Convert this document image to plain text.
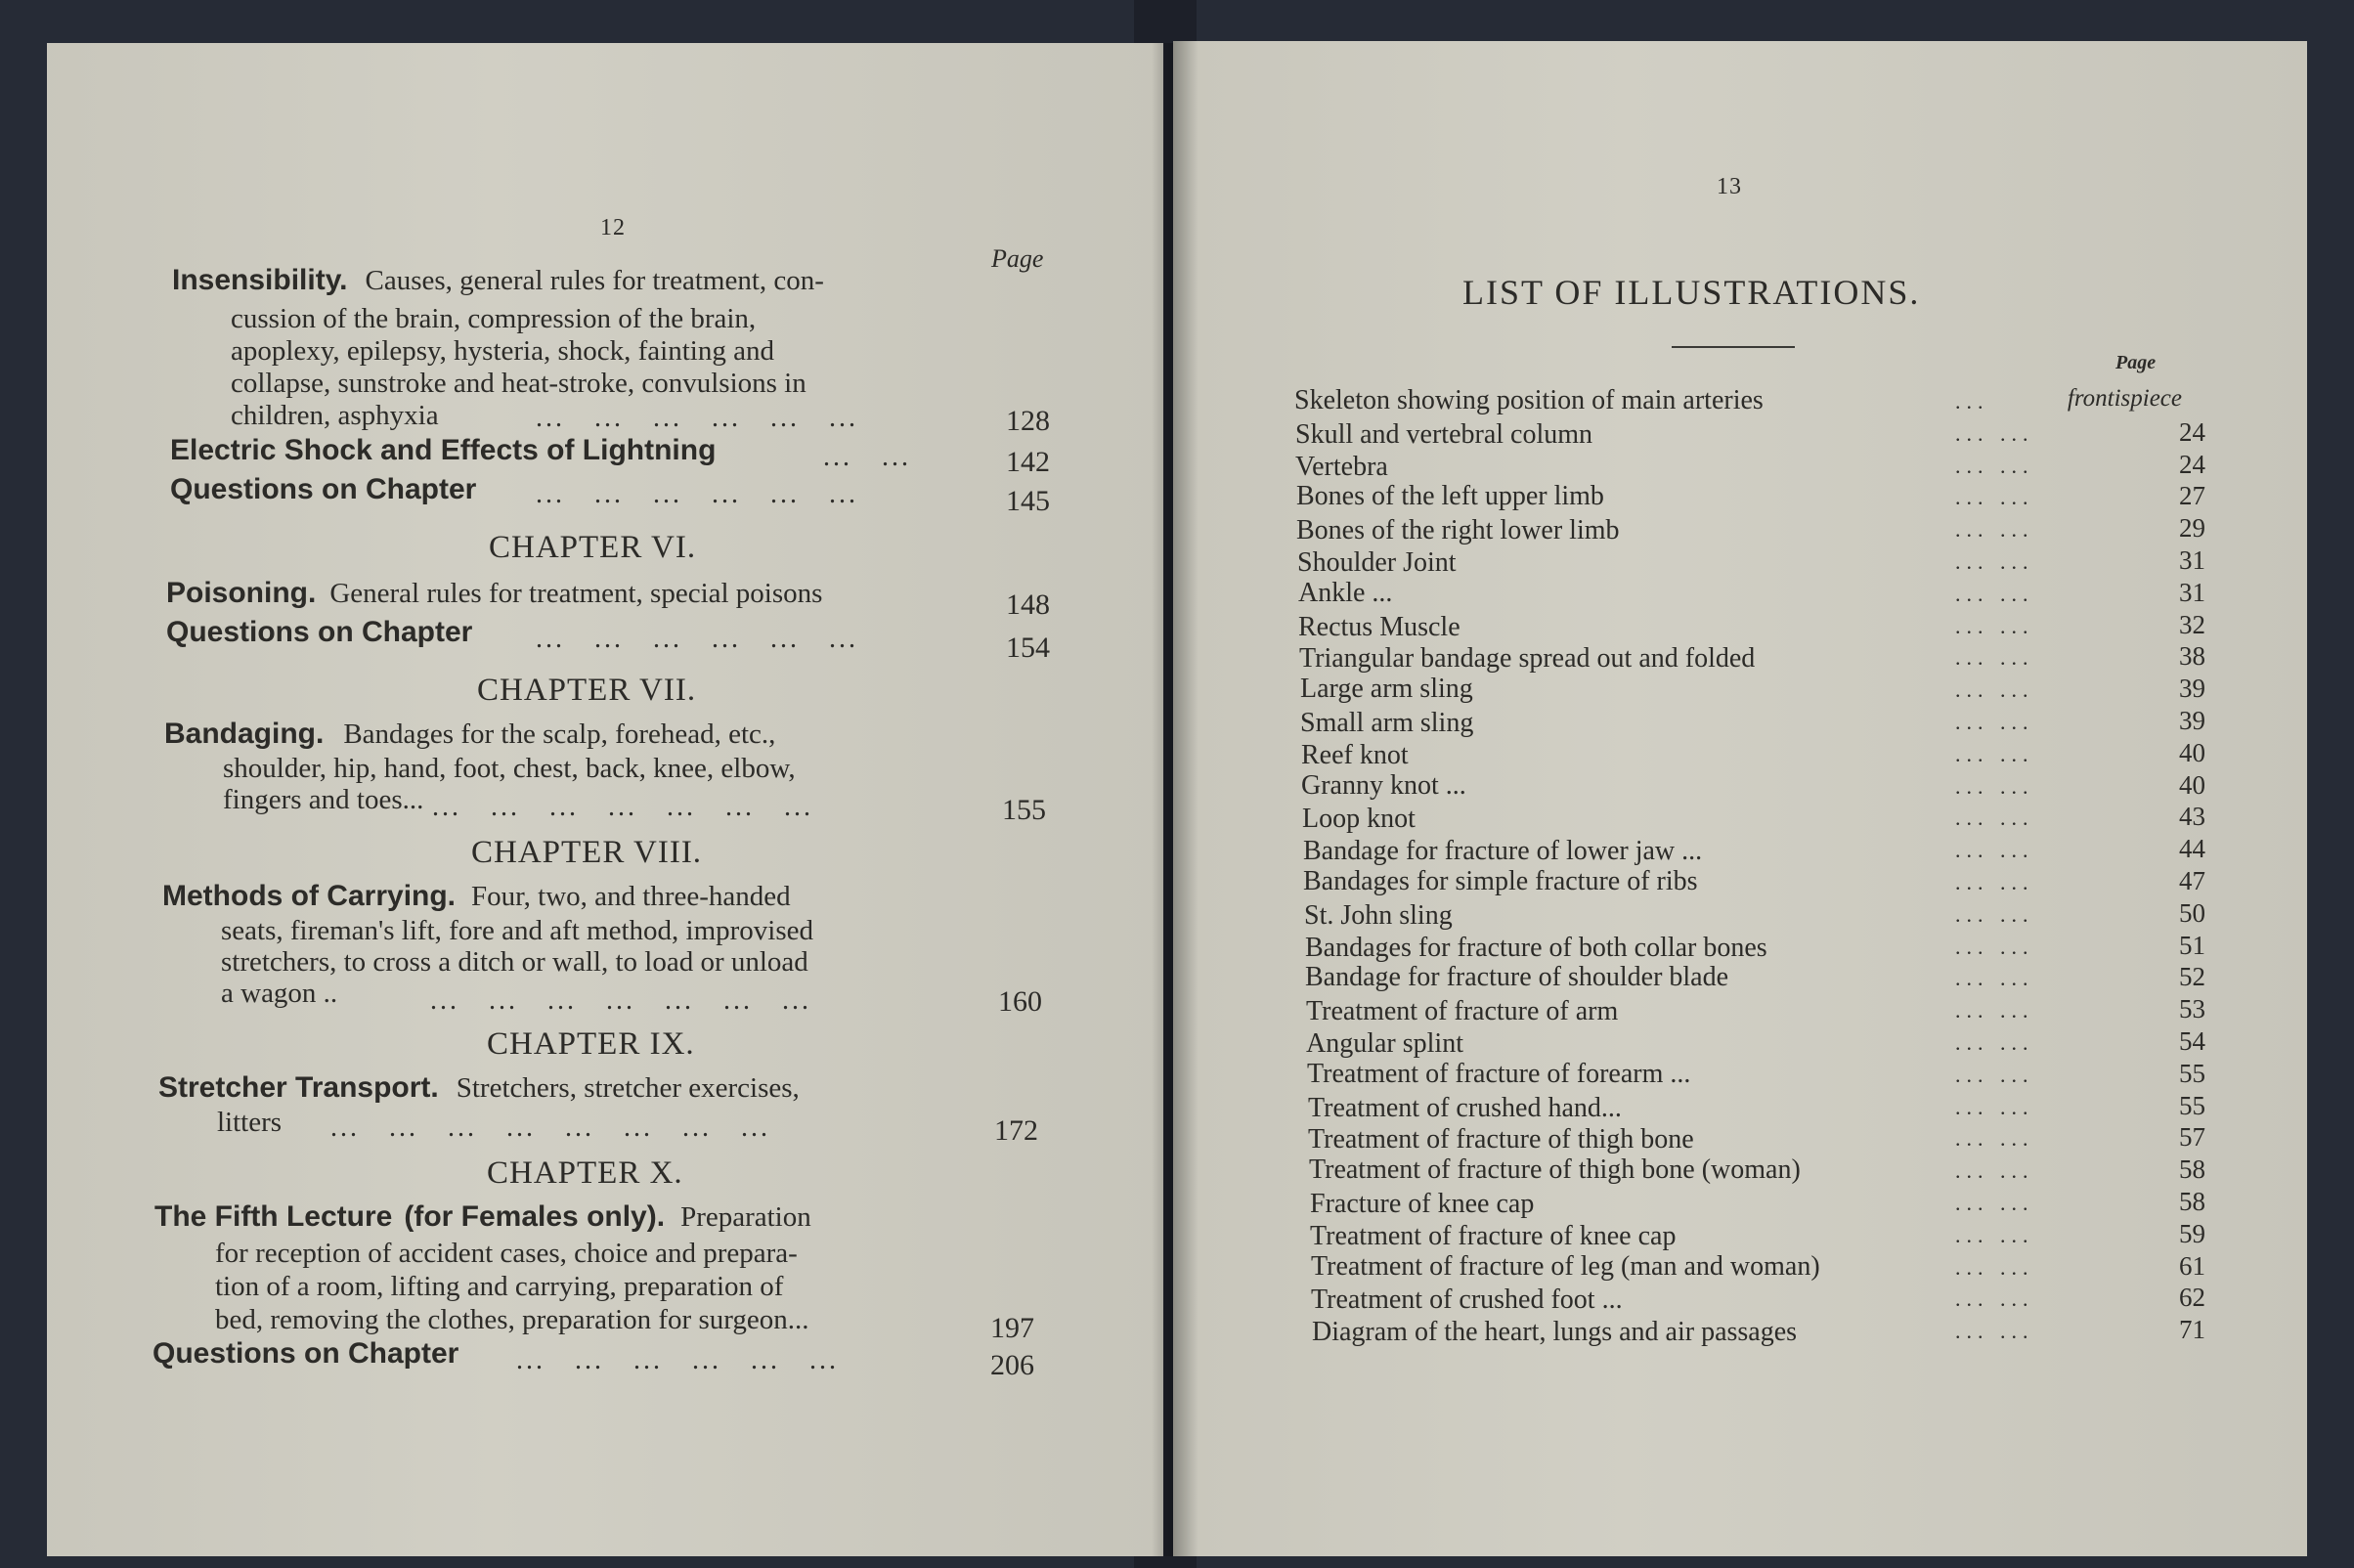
12
Page
Insensibility. Causes, general rules for treatment, con-
cussion of the brain, compression of the brain,
apoplexy, epilepsy, hysteria, shock, fainting and
collapse, sunstroke and heat-stroke, convulsions in
children, asphyxia	...   ...   ...   ...   ...   ...	128
Electric Shock and Effects of Lightning	...   ...	142
Questions on Chapter ...   ...   ...   ...   ...   ...	145
CHAPTER VI.
Poisoning. General rules for treatment, special poisons	148
Questions on Chapter ...   ...   ...   ...   ...   ...	154
CHAPTER VII.
Bandaging. Bandages for the scalp, forehead, etc.,
shoulder, hip, hand, foot, chest, back, knee, elbow,
fingers and toes... ...   ...   ...   ...   ...   ...   ...	155
CHAPTER VIII.
Methods of Carrying. Four, two, and three-handed
seats, fireman's lift, fore and aft method, improvised
stretchers, to cross a ditch or wall, to load or unload
a wagon ..	...   ...   ...   ...   ...   ...   ...	160
CHAPTER IX.
Stretcher Transport. Stretchers, stretcher exercises,
litters ...   ...   ...   ...   ...   ...   ...   ...	172
CHAPTER X.
The Fifth Lecture (for Females only). Preparation
for reception of accident cases, choice and prepara-
tion of a room, lifting and carrying, preparation of
bed, removing the clothes, preparation for surgeon...	197
Questions on Chapter ...   ...   ...   ...   ...   ...	206
13
LIST OF ILLUSTRATIONS.
Page
Skeleton showing position of main arteries	...	frontispiece
Skull and vertebral column	... ...	24
Vertebra	... ...	24
Bones of the left upper limb	... ...	27
Bones of the right lower limb	... ...	29
Shoulder Joint	... ...	31
Ankle ...	... ...	31
Rectus Muscle	... ...	32
Triangular bandage spread out and folded	... ...	38
Large arm sling	... ...	39
Small arm sling	... ...	39
Reef knot	... ...	40
Granny knot ...	... ...	40
Loop knot	... ...	43
Bandage for fracture of lower jaw ...	... ...	44
Bandages for simple fracture of ribs	... ...	47
St. John sling	... ...	50
Bandages for fracture of both collar bones	... ...	51
Bandage for fracture of shoulder blade	... ...	52
Treatment of fracture of arm	... ...	53
Angular splint	... ...	54
Treatment of fracture of forearm ...	... ...	55
Treatment of crushed hand...	... ...	55
Treatment of fracture of thigh bone	... ...	57
Treatment of fracture of thigh bone (woman)	... ...	58
Fracture of knee cap	... ...	58
Treatment of fracture of knee cap	... ...	59
Treatment of fracture of leg (man and woman)	... ...	61
Treatment of crushed foot ...	... ...	62
Diagram of the heart, lungs and air passages	... ...	71
